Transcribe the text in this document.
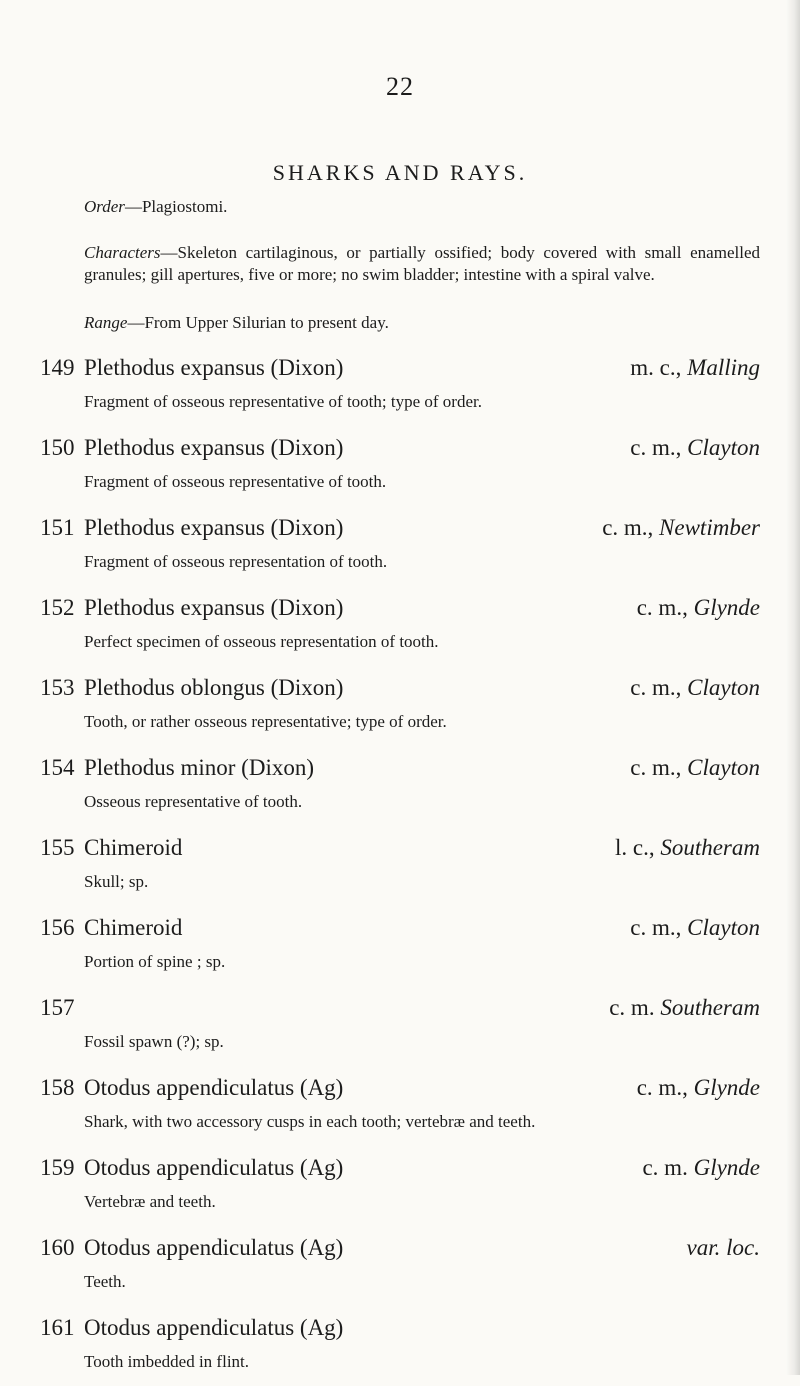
22
SHARKS AND RAYS.
Order—Plagiostomi.
Characters—Skeleton cartilaginous, or partially ossified; body covered with small enamelled granules; gill apertures, five or more; no swim bladder; intestine with a spiral valve.
Range—From Upper Silurian to present day.
149 Plethodus expansus (Dixon)	m. c., Malling
Fragment of osseous representative of tooth; type of order.
150 Plethodus expansus (Dixon)	c. m., Clayton
Fragment of osseous representative of tooth.
151 Plethodus expansus (Dixon)	c. m., Newtimber
Fragment of osseous representation of tooth.
152 Plethodus expansus (Dixon)	c. m., Glynde
Perfect specimen of osseous representation of tooth.
153 Plethodus oblongus (Dixon)	c. m., Clayton
Tooth, or rather osseous representative; type of order.
154 Plethodus minor (Dixon)	c. m., Clayton
Osseous representative of tooth.
155 Chimeroid	l. c., Southeram
Skull; sp.
156 Chimeroid	c. m., Clayton
Portion of spine ; sp.
157	c. m. Southeram
Fossil spawn (?); sp.
158 Otodus appendiculatus (Ag)	c. m., Glynde
Shark, with two accessory cusps in each tooth; vertebræ and teeth.
159 Otodus appendiculatus (Ag)	c. m. Glynde
Vertebræ and teeth.
160 Otodus appendiculatus (Ag)	var. loc.
Teeth.
161 Otodus appendiculatus (Ag)
Tooth imbedded in flint.
